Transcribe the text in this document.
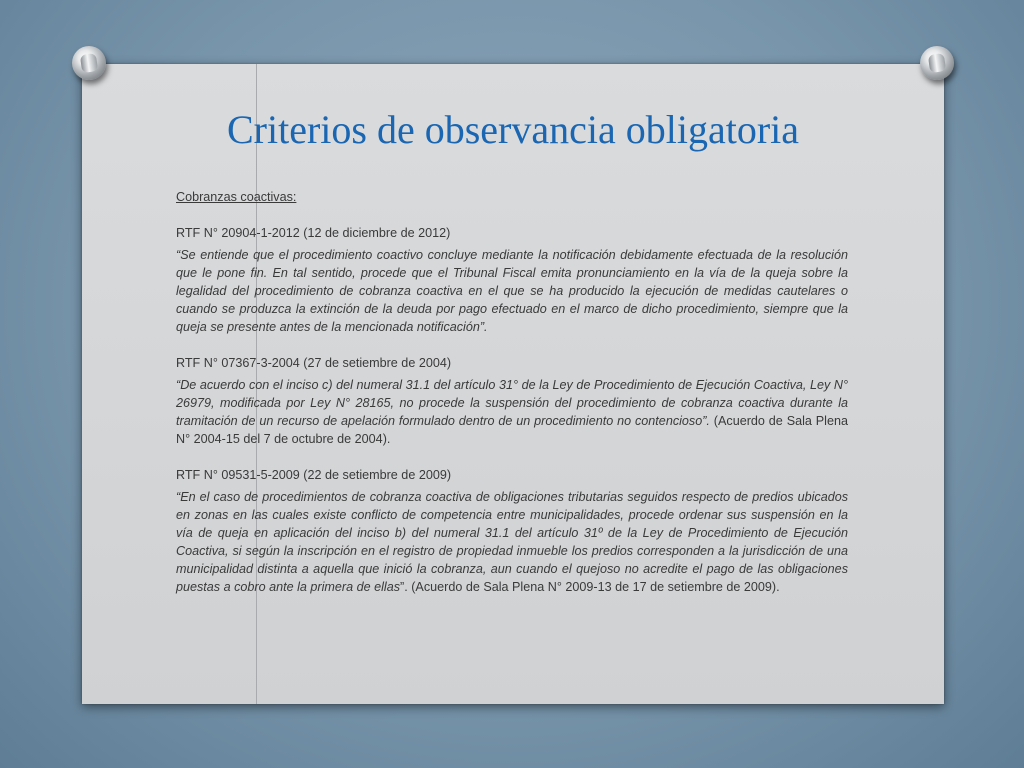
Criterios de observancia obligatoria

Cobranzas coactivas:

RTF N° 20904-1-2012 (12 de diciembre de 2012)

“Se entiende que el procedimiento coactivo concluye mediante la notificación debidamente efectuada de la resolución que le pone fin. En tal sentido, procede que el Tribunal Fiscal emita pronunciamiento en la vía de la queja sobre la legalidad del procedimiento de cobranza coactiva en el que se ha producido la ejecución de medidas cautelares o cuando se produzca la extinción de la deuda por pago efectuado en el marco de dicho procedimiento, siempre que la queja se presente antes de la mencionada notificación”.

RTF N° 07367-3-2004 (27 de setiembre de 2004)

“De acuerdo con el inciso c) del numeral 31.1 del artículo 31° de la Ley de Procedimiento de Ejecución Coactiva, Ley N° 26979, modificada por Ley N° 28165, no procede la suspensión del procedimiento de cobranza coactiva durante la tramitación de un recurso de apelación formulado dentro de un procedimiento no contencioso”. (Acuerdo de Sala Plena N° 2004-15 del 7 de octubre de 2004).

RTF N° 09531-5-2009 (22 de setiembre de 2009)

“En el caso de procedimientos de cobranza coactiva de obligaciones tributarias seguidos respecto de predios ubicados en zonas en las cuales existe conflicto de competencia entre municipalidades, procede ordenar sus suspensión en la vía de queja en aplicación del inciso b) del numeral 31.1 del artículo 31º de la Ley de Procedimiento de Ejecución Coactiva, si según la inscripción en el registro de propiedad inmueble los predios corresponden a la jurisdicción de una municipalidad distinta a aquella que inició la cobranza, aun cuando el quejoso no acredite el pago de las obligaciones puestas a cobro ante la primera de ellas”. (Acuerdo de Sala Plena N° 2009-13 de 17 de setiembre de 2009).
